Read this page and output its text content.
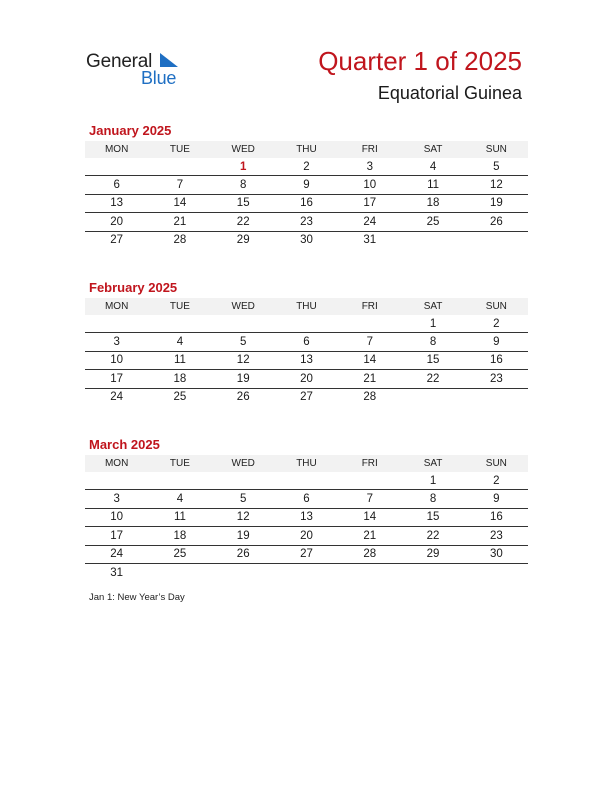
General
Blue
Quarter 1 of 2025
Equatorial Guinea
January 2025
MON	TUE	WED	THU	FRI	SAT	SUN
		1	2	3	4	5
6	7	8	9	10	11	12
13	14	15	16	17	18	19
20	21	22	23	24	25	26
27	28	29	30	31		
February 2025
MON	TUE	WED	THU	FRI	SAT	SUN
					1	2
3	4	5	6	7	8	9
10	11	12	13	14	15	16
17	18	19	20	21	22	23
24	25	26	27	28		
March 2025
MON	TUE	WED	THU	FRI	SAT	SUN
					1	2
3	4	5	6	7	8	9
10	11	12	13	14	15	16
17	18	19	20	21	22	23
24	25	26	27	28	29	30
31						
Jan 1: New Year’s Day
